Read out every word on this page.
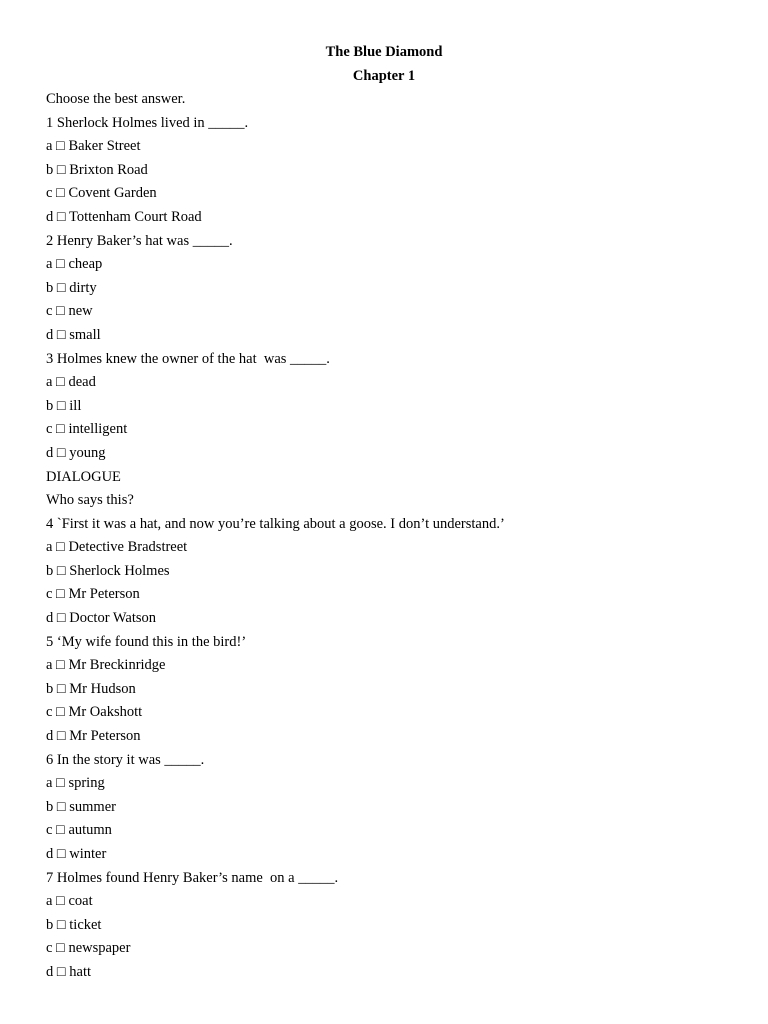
The Blue Diamond
Chapter 1
Choose the best answer.
1 Sherlock Holmes lived in _____.
a □ Baker Street
b □ Brixton Road
c □ Covent Garden
d □ Tottenham Court Road
2 Henry Baker’s hat was _____.
a □ cheap
b □ dirty
c □ new
d □ small
3 Holmes knew the owner of the hat  was _____.
a □ dead
b □ ill
c □ intelligent
d □ young
DIALOGUE
Who says this?
4 `First it was a hat, and now you’re talking about a goose. I don’t understand.’
a □ Detective Bradstreet
b □ Sherlock Holmes
c □ Mr Peterson
d □ Doctor Watson
5 ‘My wife found this in the bird!’
a □ Mr Breckinridge
b □ Mr Hudson
c □ Mr Oakshott
d □ Mr Peterson
6 In the story it was _____.
a □ spring
b □ summer
c □ autumn
d □ winter
7 Holmes found Henry Baker’s name  on a _____.
a □ coat
b □ ticket
c □ newspaper
d □ hatt
